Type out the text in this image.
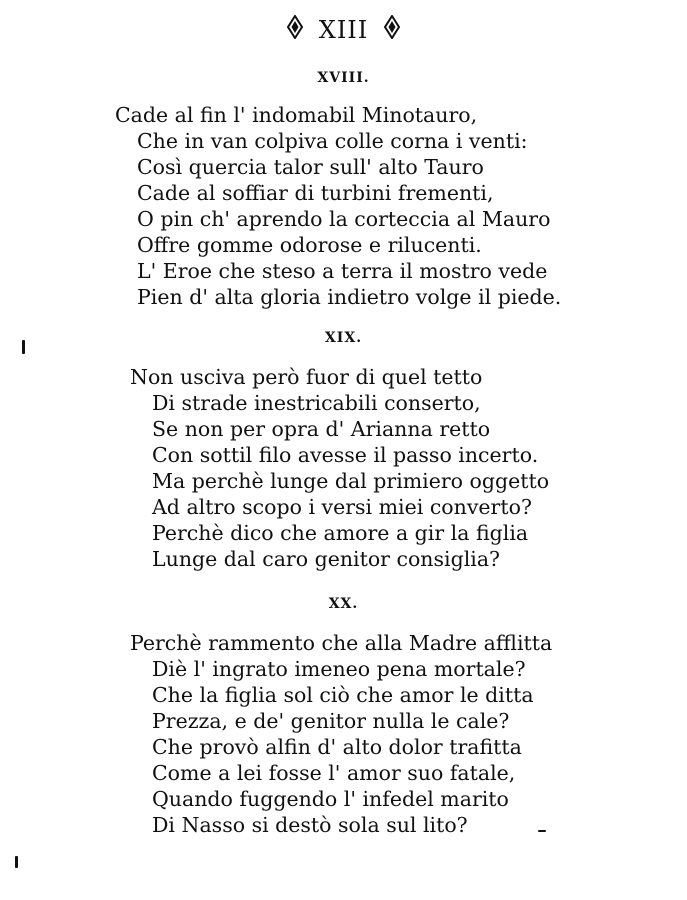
XIII
XVIII.
Cade al fin l' indomabil Minotauro,
Che in van colpiva colle corna i venti:
Così quercia talor sull' alto Tauro
Cade al soffiar di turbini frementi,
O pin ch' aprendo la corteccia al Mauro
Offre gomme odorose e rilucenti.
L' Eroe che steso a terra il mostro vede
Pien d' alta gloria indietro volge il piede.
XIX.
Non usciva però fuor di quel tetto
Di strade inestricabili conserto,
Se non per opra d' Arianna retto
Con sottil filo avesse il passo incerto.
Ma perchè lunge dal primiero oggetto
Ad altro scopo i versi miei converto?
Perchè dico che amore a gir la figlia
Lunge dal caro genitor consiglia?
XX.
Perchè rammento che alla Madre afflitta
Diè l' ingrato imeneo pena mortale?
Che la figlia sol ciò che amor le ditta
Prezza, e de' genitor nulla le cale?
Che provò alfin d' alto dolor trafitta
Come a lei fosse l' amor suo fatale,
Quando fuggendo l' infedel marito
Di Nasso si destò sola sul lito?
